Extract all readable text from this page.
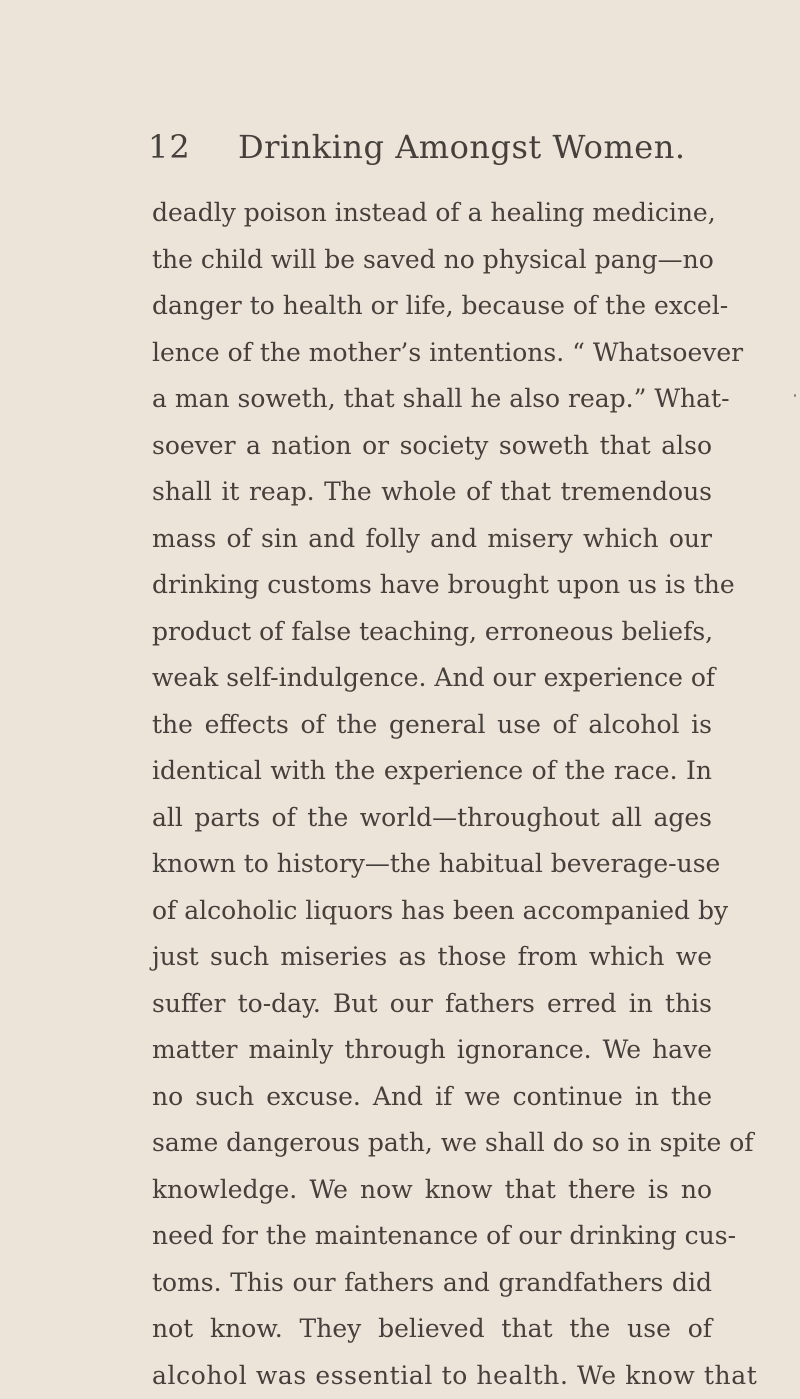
12 Drinking Amongst Women.
deadly poison instead of a healing medicine,
the child will be saved no physical pang—no
danger to health or life, because of the excel-
lence of the mother’s intentions. “ Whatsoever
a man soweth, that shall he also reap.” What-
soever a nation or society soweth that also
shall it reap. The whole of that tremendous
mass of sin and folly and misery which our
drinking customs have brought upon us is the
product of false teaching, erroneous beliefs,
weak self-indulgence. And our experience of
the effects of the general use of alcohol is
identical with the experience of the race. In
all parts of the world—throughout all ages
known to history—the habitual beverage-use
of alcoholic liquors has been accompanied by
just such miseries as those from which we
suffer to-day. But our fathers erred in this
matter mainly through ignorance. We have
no such excuse. And if we continue in the
same dangerous path, we shall do so in spite of
knowledge. We now know that there is no
need for the maintenance of our drinking cus-
toms. This our fathers and grandfathers did
not know. They believed that the use of
alcohol was essential to health. We know that
